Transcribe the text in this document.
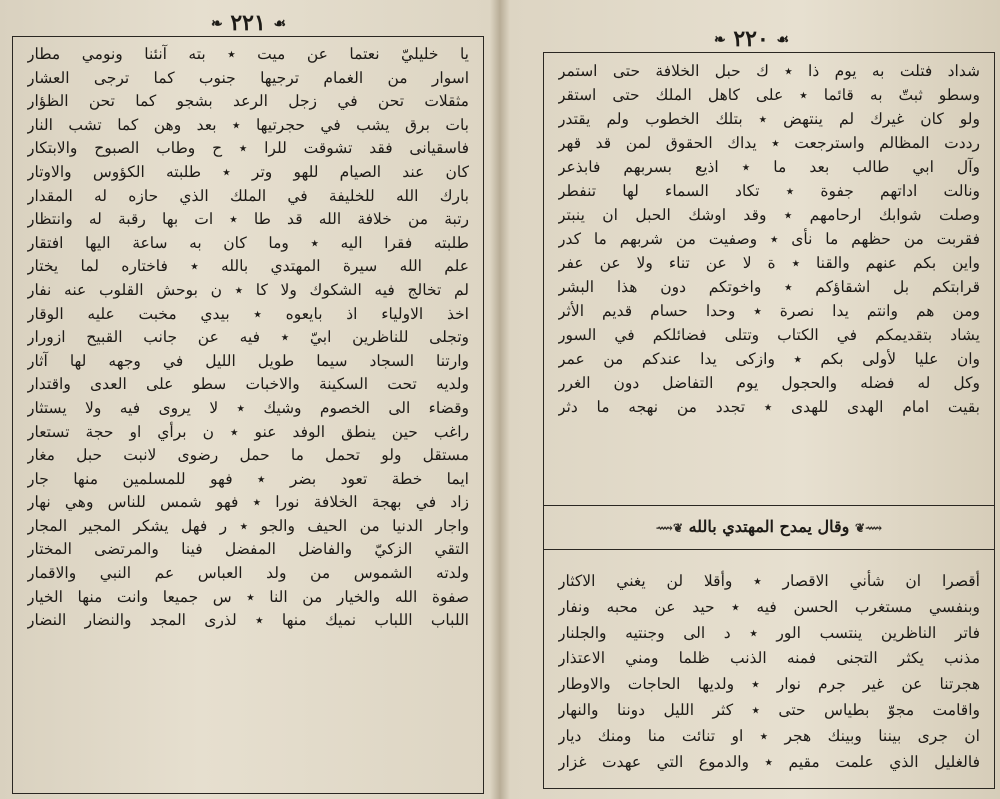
❧ ٢٢١ ☙
يا خليليّ نعتما عن ميت ٭ بته آنئنا ونومي مطار
اسوار من الغمام ترجيها جنوب كما ترجى العشار
مثقلات تحن في زجل الرعد بشجو كما تحن الظؤار
بات برق يشب في حجرتيها ٭ بعد وهن كما تشب النار
فاسقيانى فقد تشوقت للرا ٭ ح وطاب الصبوح والابتكار
كان عند الصيام للهو وتر ٭ طلبته الكؤوس والاوتار
بارك الله للخليفة في الملك الذي حازه له المقدار
رتبة من خلافة الله قد طا ٭ ات بها رقبة له وانتظار
طلبته فقرا اليه ٭ وما كان به ساعة اليها افتقار
علم الله سيرة المهتدي بالله ٭ فاختاره لما يختار
لم تخالج فيه الشكوك ولا كا ٭ ن بوحش القلوب عنه نفار
اخذ الاولياء اذ بايعوه ٭ بيدي مخبت عليه الوقار
وتجلى للناظرين ابيّ ٭ فيه عن جانب القبيح ازورار
وارتنا السجاد سيما طويل الليل في وجهه لها آثار
ولديه تحت السكينة والاخبات سطو على العدى واقتدار
وقضاء الى الخصوم وشيك ٭ لا يروى فيه ولا يستثار
راغب حين ينطق الوفد عنو ٭ ن برأي او حجة تستعار
مستقل ولو تحمل ما حمل رضوى لانبت حبل مغار
ايما خطة تعود بضر ٭ فهو للمسلمين منها جار
زاد في بهجة الخلافة نورا ٭ فهو شمس للناس وهي نهار
واجار الدنيا من الحيف والجو ٭ ر فهل يشكر المجير المجار
التقي الزكيّ والفاضل المفضل فينا والمرتضى المختار
ولدته الشموس من ولد العباس عم النبي والاقمار
صفوة الله والخيار من النا ٭ س جميعا وانت منها الخيار
اللباب اللباب نميك منها ٭ لذرى المجد والنضار النضار
❧ ٢٢٠ ☙
شداد فتلت به يوم ذا ٭ ك حبل الخلافة حتى استمر
وسطو ثبتّ به قائما ٭ على كاهل الملك حتى استقر
ولو كان غيرك لم ينتهض ٭ بتلك الخطوب ولم يقتدر
رددت المظالم واسترجعت ٭ يداك الحقوق لمن قد قهر
وآل ابي طالب بعد ما ٭ اذيع بسربهم فابذعر
ونالت اداتهم جفوة ٭ تكاد السماء لها تنفطر
وصلت شوابك ارحامهم ٭ وقد اوشك الحبل ان ينبتر
فقربت من حظهم ما نأى ٭ وصفيت من شربهم ما كدر
واين بكم عنهم والقنا ٭ ة لا عن تناء ولا عن عفر
قرابتكم بل اشقاؤكم ٭ واخوتكم دون هذا البشر
ومن هم وانتم يدا نصرة ٭ وحدا حسام قديم الأثر
يشاد بتقديمكم في الكتاب وتتلى فضائلكم في السور
وان عليا لأولى بكم ٭ وازكى يدا عندكم من عمر
وكل له فضله والحجول يوم التفاضل دون الغرر
بقيت امام الهدى للهدى ٭ تجدد من نهجه ما دثر
⟿❦ وقال يمدح المهتدي بالله ❦⟿
أقصرا ان شأني الاقصار ٭ وأقلا لن يغني الاكثار
وبنفسي مستغرب الحسن فيه ٭ حيد عن محبه ونفار
فاتر الناظرين ينتسب الور ٭ د الى وجنتيه والجلنار
مذنب يكثر التجنى فمنه الذنب ظلما ومني الاعتذار
هجرتنا عن غير جرم نوار ٭ ولديها الحاجات والاوطار
واقامت مجوّ بطياس حتى ٭ كثر الليل دوننا والنهار
ان جرى بيننا وبينك هجر ٭ او تنائت منا ومنك ديار
فالغليل الذي علمت مقيم ٭ والدموع التي عهدت غزار
